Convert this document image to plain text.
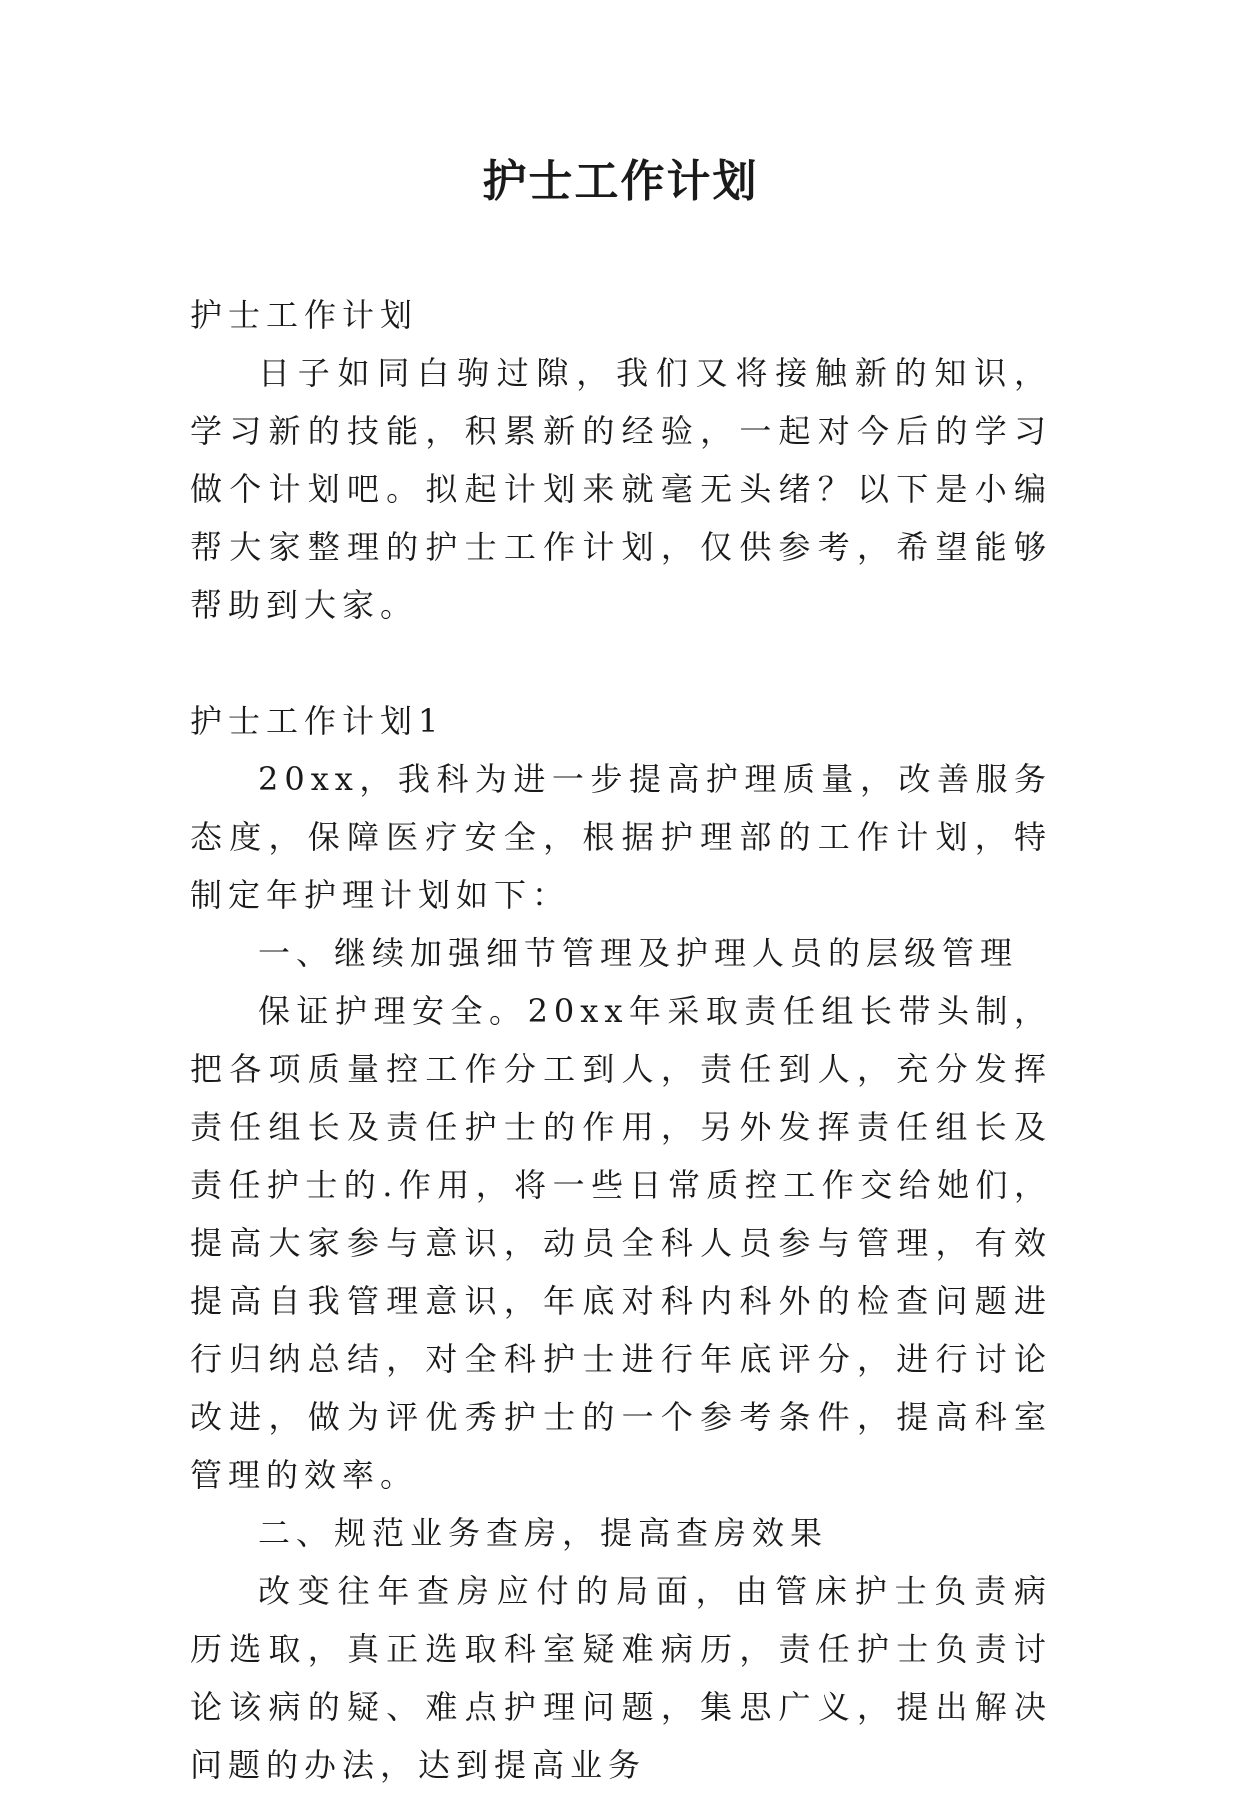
护士工作计划

护士工作计划

日子如同白驹过隙，我们又将接触新的知识，学习新的技能，积累新的经验，一起对今后的学习做个计划吧。拟起计划来就毫无头绪？以下是小编帮大家整理的护士工作计划，仅供参考，希望能够帮助到大家。

护士工作计划1

20xx，我科为进一步提高护理质量，改善服务态度，保障医疗安全，根据护理部的工作计划，特制定年护理计划如下：

一、继续加强细节管理及护理人员的层级管理

保证护理安全。20xx年采取责任组长带头制，把各项质量控工作分工到人，责任到人，充分发挥责任组长及责任护士的作用，另外发挥责任组长及责任护士的.作用，将一些日常质控工作交给她们，提高大家参与意识，动员全科人员参与管理，有效提高自我管理意识，年底对科内科外的检查问题进行归纳总结，对全科护士进行年底评分，进行讨论改进，做为评优秀护士的一个参考条件，提高科室管理的效率。

二、规范业务查房，提高查房效果

改变往年查房应付的局面，由管床护士负责病历选取，真正选取科室疑难病历，责任护士负责讨论该病的疑、难点护理问题，集思广义，提出解决问题的办法，达到提高业务
